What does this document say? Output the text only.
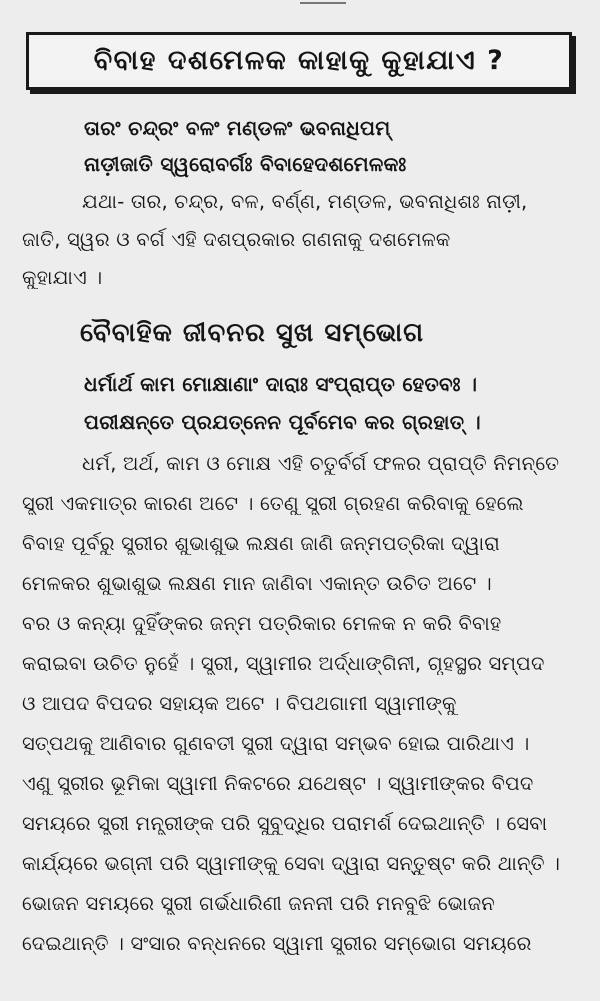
ବିବାହ ଦଶମେଳକ କାହାକୁ କୁହାଯାଏ ?
ତାରଂ ଚନ୍ଦ୍ରଂ ବଳଂ ମଣ୍ଡଳଂ ଭବନାଧିପମ୍
ନାଡ଼ୀଜାତି ସ୍ୱରୋବର୍ଗଃ ବିବାହେଦଶମେଳକଃ
ଯଥା- ତାର, ଚନ୍ଦ୍ର, ବଳ, ବର୍ଣ୍ଣ, ମଣ୍ଡଳ, ଭବନାଧିଶଃ ନାଡ଼ୀ,
ଜାତି, ସ୍ୱର ଓ ବର୍ଗ ଏହି ଦଶପ୍ରକାର ଗଣନାକୁ ଦଶମେଳକ
କୁହାଯାଏ ।
ବୈବାହିକ ଜୀବନର ସୁଖ ସମ୍ଭୋଗ
ଧର୍ମାର୍ଥ କାମ ମୋକ୍ଷାଣାଂ ଦାରାଃ ସଂପ୍ରାପ୍ତ ହେତବଃ ।
ପରୀକ୍ଷନ୍ତେ ପ୍ରଯତ୍ନେନ ପୂର୍ବମେବ କର ଗ୍ରହାତ୍ ।
ଧର୍ମ, ଅର୍ଥ, କାମ ଓ ମୋକ୍ଷ ଏହି ଚତୁର୍ବର୍ଗ ଫଳର ପ୍ରାପ୍ତି ନିମନ୍ତେ
ସ୍ତ୍ରୀ ଏକମାତ୍ର କାରଣ ଅଟେ । ତେଣୁ ସ୍ତ୍ରୀ ଗ୍ରହଣ କରିବାକୁ ହେଲେ
ବିବାହ ପୂର୍ବରୁ ସ୍ତ୍ରୀର ଶୁଭାଶୁଭ ଲକ୍ଷଣ ଜାଣି ଜନ୍ମପତ୍ରିକା ଦ୍ୱାରା
ମେଳକର ଶୁଭାଶୁଭ ଲକ୍ଷଣ ମାନ ଜାଣିବା ଏକାନ୍ତ ଉଚିତ ଅଟେ ।
ବର ଓ କନ୍ୟା ଦୁହିଁଙ୍କର ଜନ୍ମ ପତ୍ରିକାର ମେଳକ ନ କରି ବିବାହ
କରାଇବା ଉଚିତ ନୁହେଁ । ସ୍ତ୍ରୀ, ସ୍ୱାମୀର ଅର୍ଦ୍ଧାଙ୍ଗିନୀ, ଗୃହସ୍ଥର ସମ୍ପଦ
ଓ ଆପଦ ବିପଦର ସହାୟକ ଅଟେ । ବିପଥଗାମୀ ସ୍ୱାମୀଙ୍କୁ
ସତ୍ପଥକୁ ଆଣିବାର ଗୁଣବତୀ ସ୍ତ୍ରୀ ଦ୍ୱାରା ସମ୍ଭବ ହୋଇ ପାରିଥାଏ ।
ଏଣୁ ସ୍ତ୍ରୀର ଭୂମିକା ସ୍ୱାମୀ ନିକଟରେ ଯଥେଷ୍ଟ । ସ୍ୱାମୀଙ୍କର ବିପଦ
ସମୟରେ ସ୍ତ୍ରୀ ମନ୍ତ୍ରୀଙ୍କ ପରି ସୁବୁଦ୍ଧିର ପରାମର୍ଶ ଦେଇଥାନ୍ତି । ସେବା
କାର୍ଯ୍ୟରେ ଭଗ୍ନୀ ପରି ସ୍ୱାମୀଙ୍କୁ ସେବା ଦ୍ୱାରା ସନ୍ତୁଷ୍ଟ କରି ଥାନ୍ତି ।
ଭୋଜନ ସମୟରେ ସ୍ତ୍ରୀ ଗର୍ଭଧାରିଣୀ ଜନନୀ ପରି ମନବୁଝି ଭୋଜନ
ଦେଇଥାନ୍ତି । ସଂସାର ବନ୍ଧନରେ ସ୍ୱାମୀ ସ୍ତ୍ରୀର ସମ୍ଭୋଗ ସମୟରେ
